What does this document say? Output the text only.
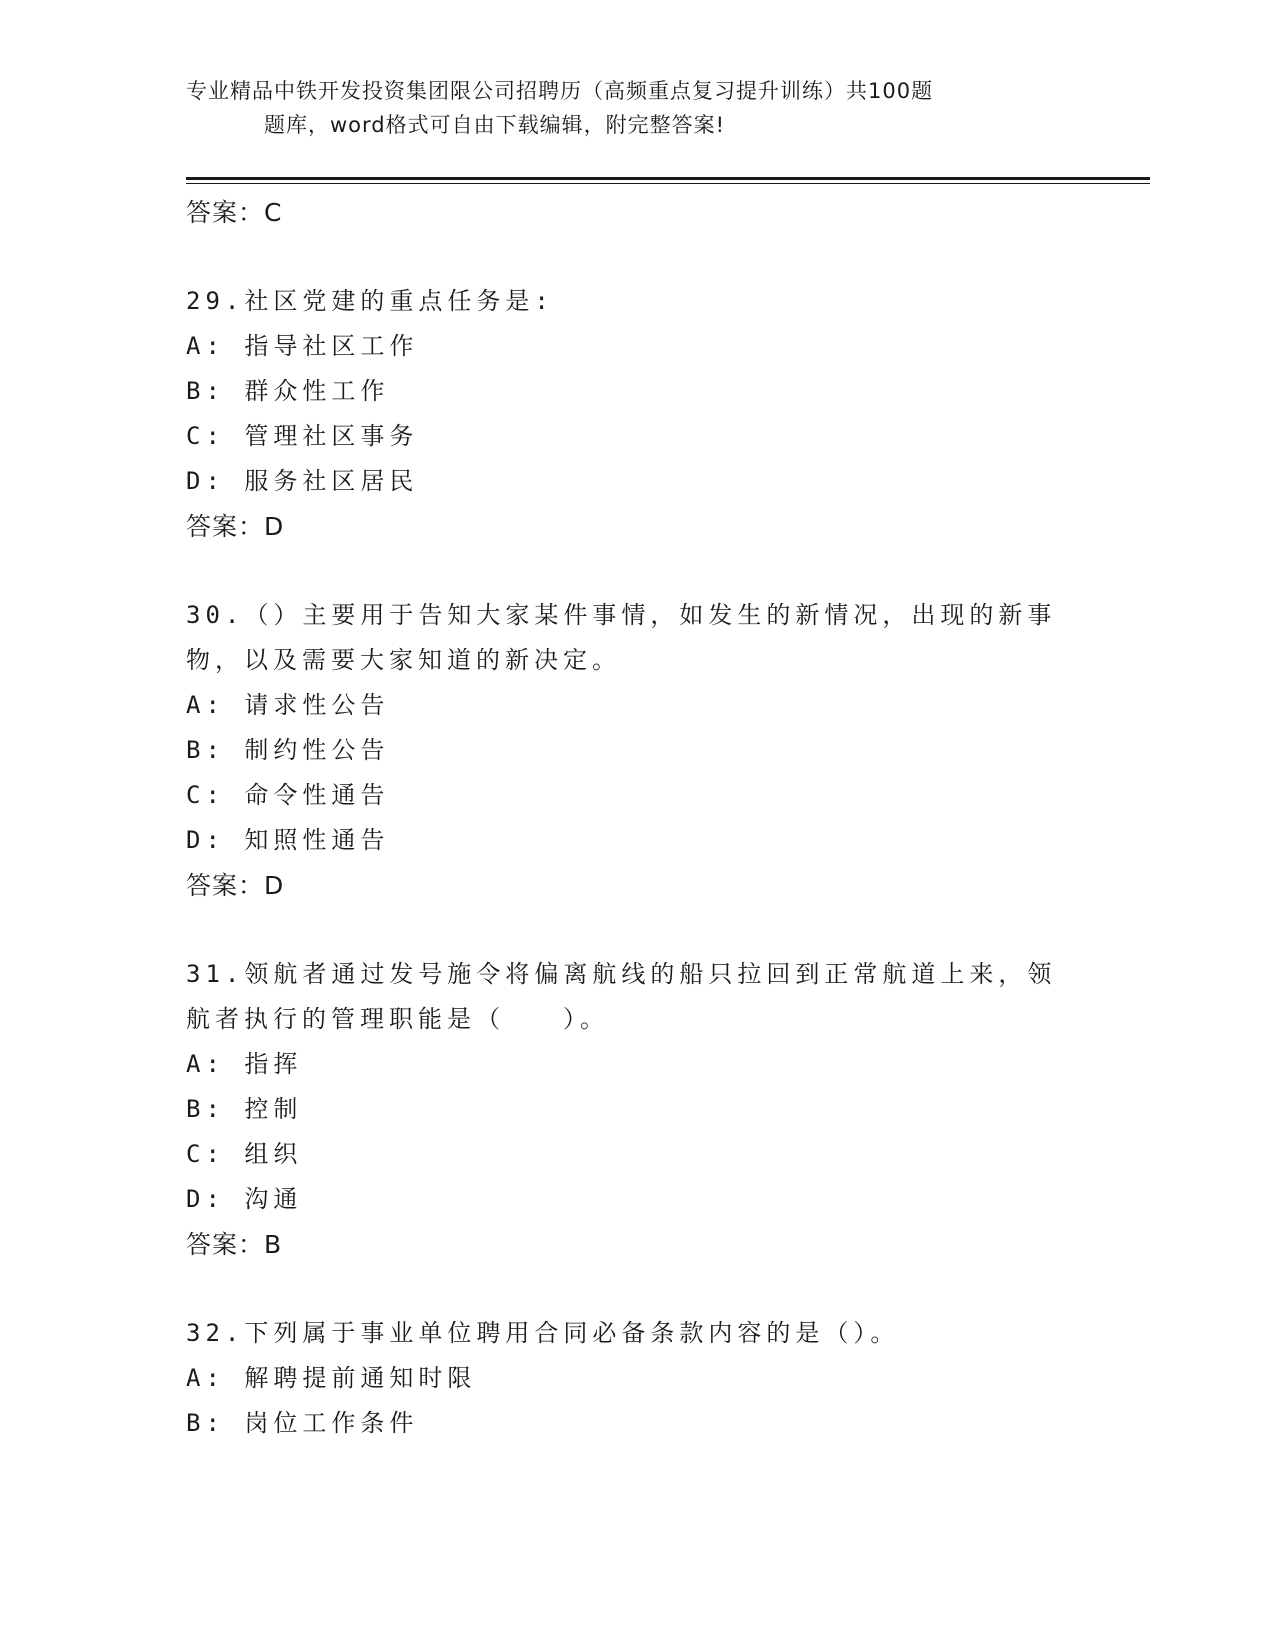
专业精品中铁开发投资集团限公司招聘历（高频重点复习提升训练）共100题
题库，word格式可自由下载编辑，附完整答案!
答案：C
29.社区党建的重点任务是:
A: 指导社区工作
B: 群众性工作
C: 管理社区事务
D: 服务社区居民
答案：D
30.（）主要用于告知大家某件事情，如发生的新情况，出现的新事物，以及需要大家知道的新决定。
A: 请求性公告
B: 制约性公告
C: 命令性通告
D: 知照性通告
答案：D
31.领航者通过发号施令将偏离航线的船只拉回到正常航道上来，领航者执行的管理职能是（　　）。
A: 指挥
B: 控制
C: 组织
D: 沟通
答案：B
32.下列属于事业单位聘用合同必备条款内容的是（）。
A: 解聘提前通知时限
B: 岗位工作条件
